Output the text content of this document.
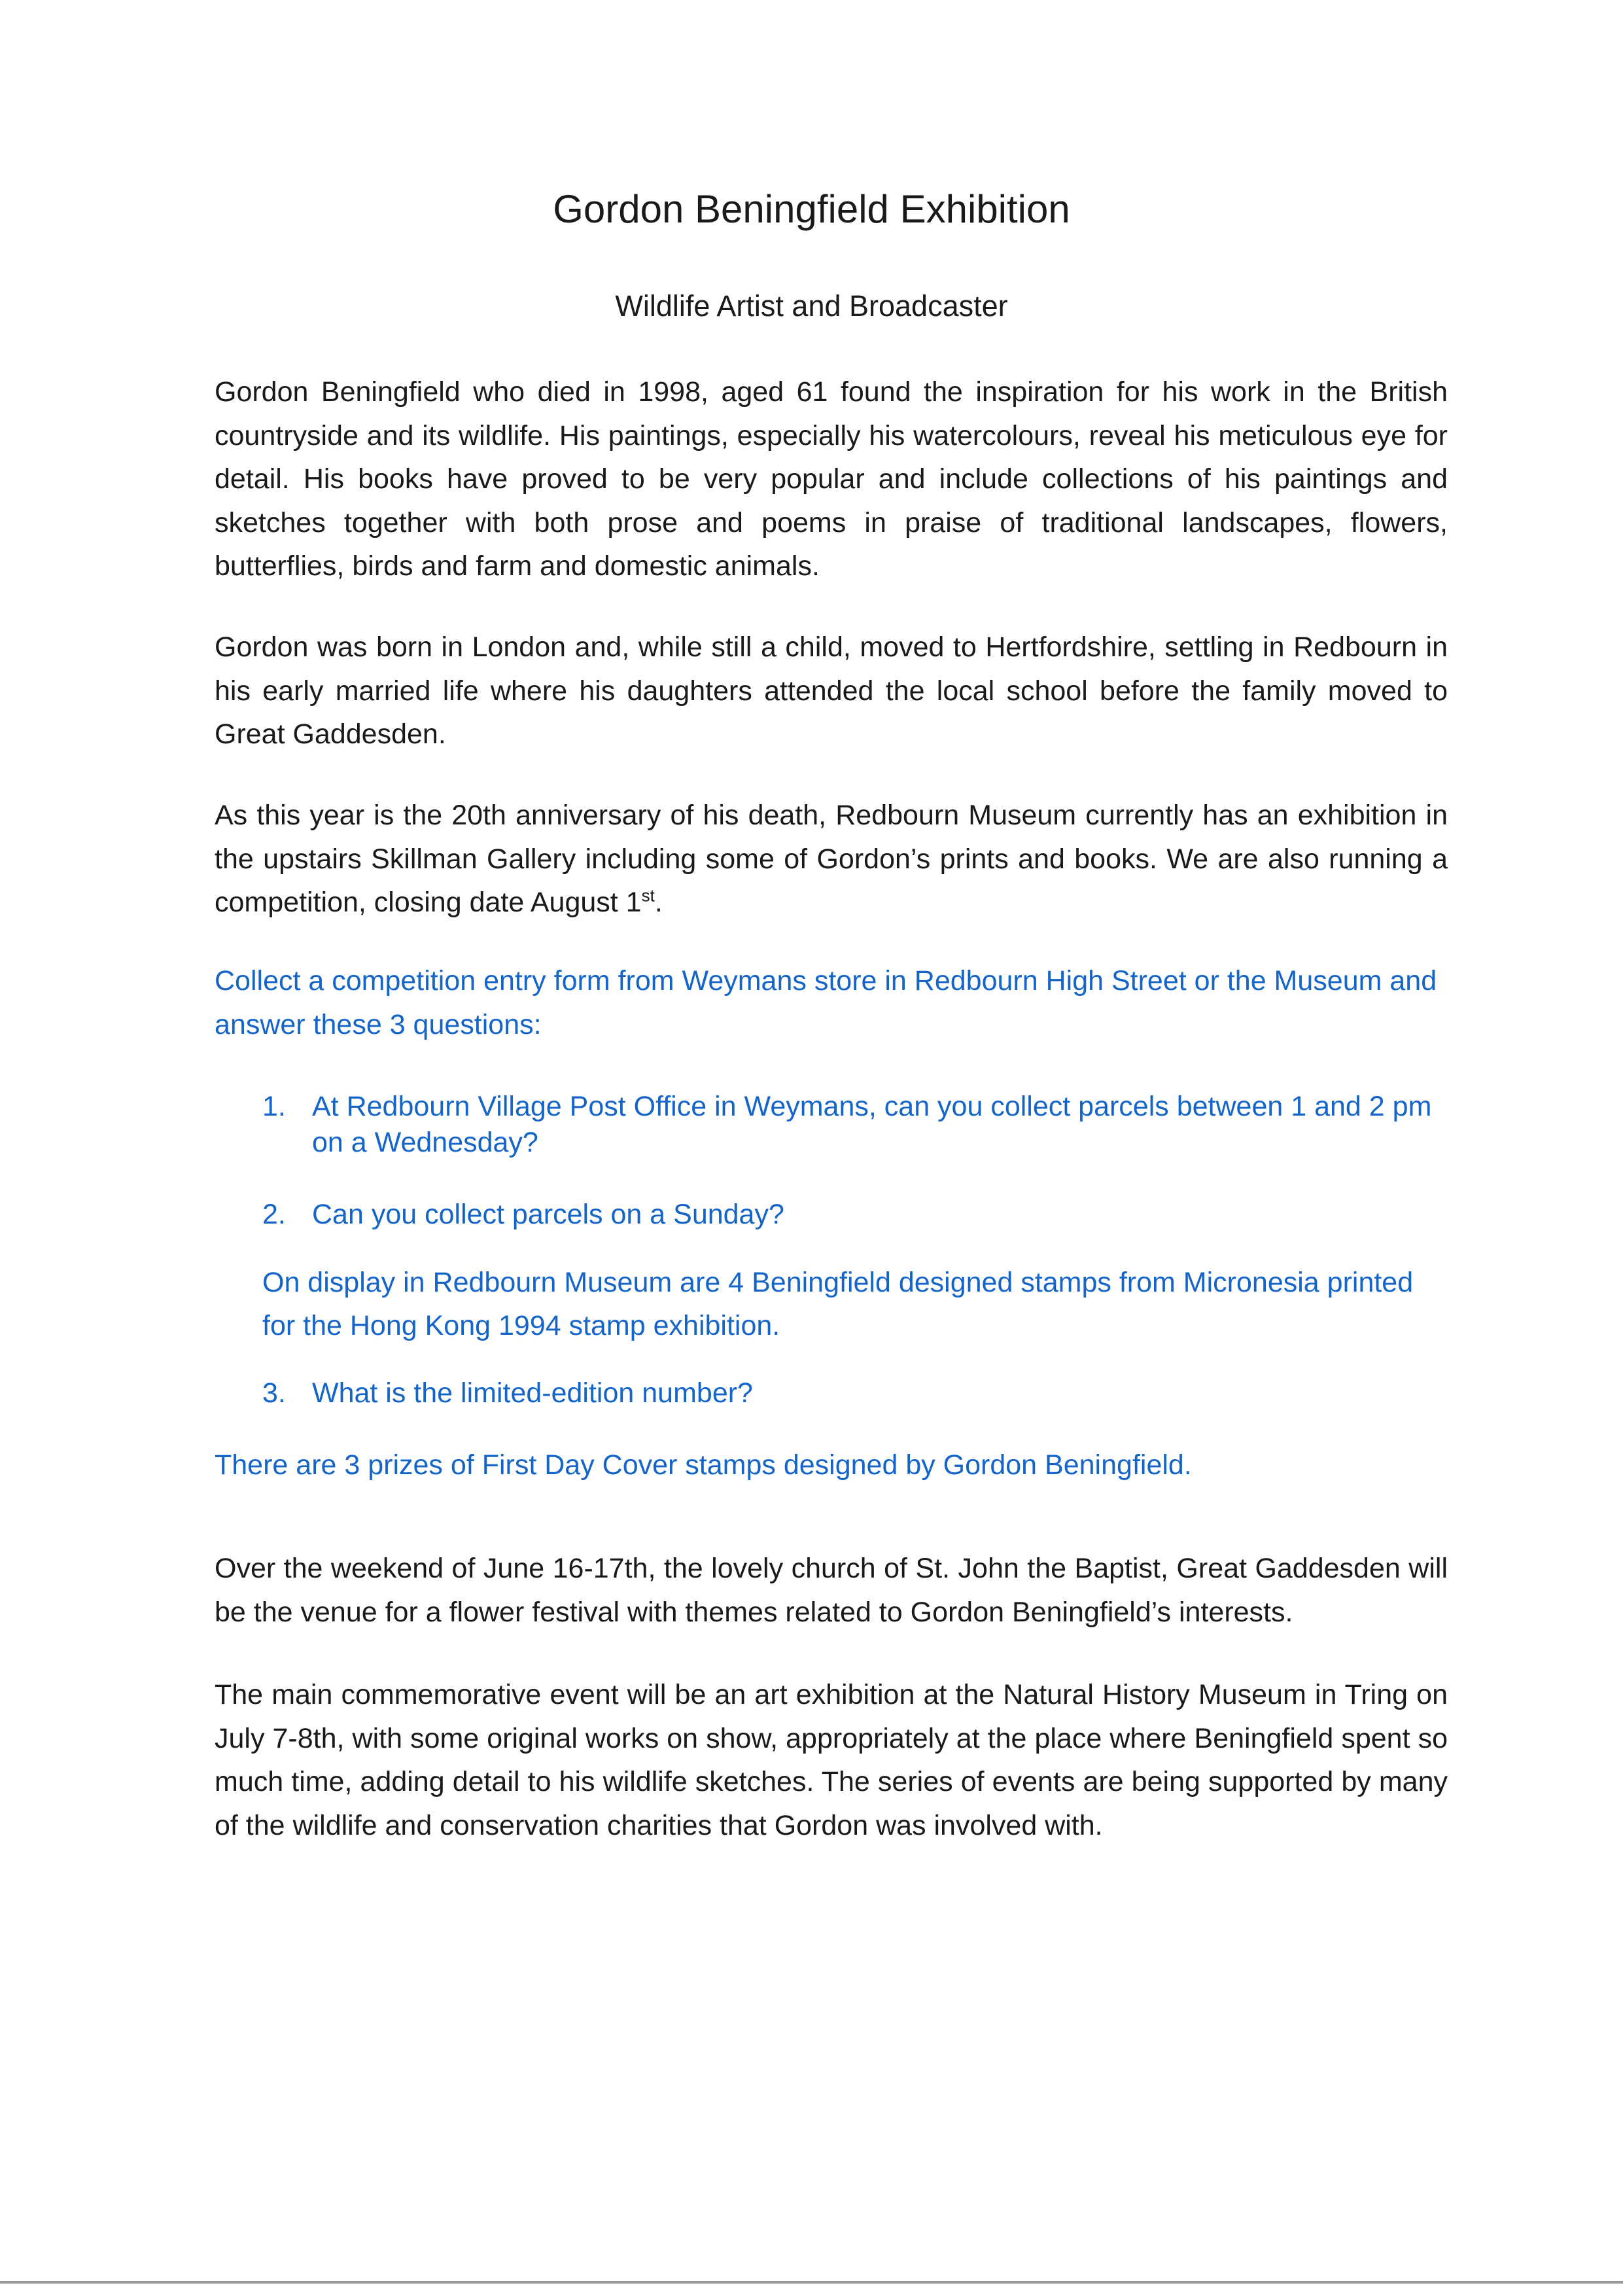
Gordon Beningfield Exhibition
Wildlife Artist and Broadcaster

Gordon Beningfield who died in 1998, aged 61 found the inspiration for his work in the British countryside and its wildlife. His paintings, especially his watercolours, reveal his meticulous eye for detail. His books have proved to be very popular and include collections of his paintings and sketches together with both prose and poems in praise of traditional landscapes, flowers, butterflies, birds and farm and domestic animals.

Gordon was born in London and, while still a child, moved to Hertfordshire, settling in Redbourn in his early married life where his daughters attended the local school before the family moved to Great Gaddesden.

As this year is the 20th anniversary of his death, Redbourn Museum currently has an exhibition in the upstairs Skillman Gallery including some of Gordon’s prints and books. We are also running a competition, closing date August 1st.

Collect a competition entry form from Weymans store in Redbourn High Street or the Museum and answer these 3 questions:

1. At Redbourn Village Post Office in Weymans, can you collect parcels between 1 and 2 pm on a Wednesday?
2. Can you collect parcels on a Sunday?

On display in Redbourn Museum are 4 Beningfield designed stamps from Micronesia printed for the Hong Kong 1994 stamp exhibition.

3. What is the limited-edition number?

There are 3 prizes of First Day Cover stamps designed by Gordon Beningfield.

Over the weekend of June 16-17th, the lovely church of St. John the Baptist, Great Gaddesden will be the venue for a flower festival with themes related to Gordon Beningfield’s interests.

The main commemorative event will be an art exhibition at the Natural History Museum in Tring on July 7-8th, with some original works on show, appropriately at the place where Beningfield spent so much time, adding detail to his wildlife sketches. The series of events are being supported by many of the wildlife and conservation charities that Gordon was involved with.
